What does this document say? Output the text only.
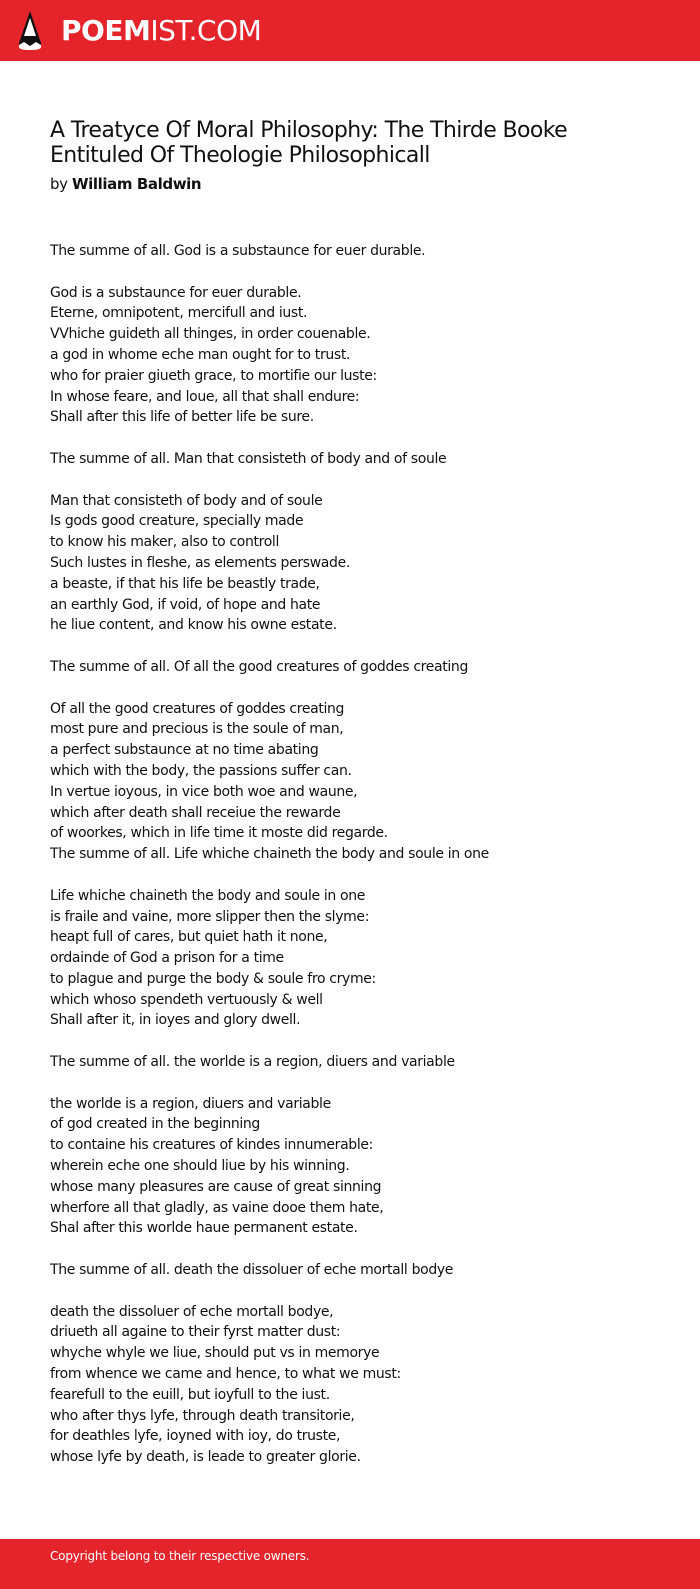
POEMIST.COM
A Treatyce Of Moral Philosophy: The Thirde Booke Entituled Of Theologie Philosophicall
by William Baldwin
The summe of all. God is a substaunce for euer durable.
God is a substaunce for euer durable.
Eterne, omnipotent, mercifull and iust.
VVhiche guideth all thinges, in order couenable.
a god in whome eche man ought for to trust.
who for praier giueth grace, to mortifie our luste:
In whose feare, and loue, all that shall endure:
Shall after this life of better life be sure.
The summe of all. Man that consisteth of body and of soule
Man that consisteth of body and of soule
Is gods good creature, specially made
to know his maker, also to controll
Such lustes in fleshe, as elements perswade.
a beaste, if that his life be beastly trade,
an earthly God, if void, of hope and hate
he liue content, and know his owne estate.
The summe of all. Of all the good creatures of goddes creating
Of all the good creatures of goddes creating
most pure and precious is the soule of man,
a perfect substaunce at no time abating
which with the body, the passions suffer can.
In vertue ioyous, in vice both woe and waune,
which after death shall receiue the rewarde
of woorkes, which in life time it moste did regarde.
The summe of all. Life whiche chaineth the body and soule in one
Life whiche chaineth the body and soule in one
is fraile and vaine, more slipper then the slyme:
heapt full of cares, but quiet hath it none,
ordainde of God a prison for a time
to plague and purge the body & soule fro cryme:
which whoso spendeth vertuously & well
Shall after it, in ioyes and glory dwell.
The summe of all. the worlde is a region, diuers and variable
the worlde is a region, diuers and variable
of god created in the beginning
to containe his creatures of kindes innumerable:
wherein eche one should liue by his winning.
whose many pleasures are cause of great sinning
wherfore all that gladly, as vaine dooe them hate,
Shal after this worlde haue permanent estate.
The summe of all. death the dissoluer of eche mortall bodye
death the dissoluer of eche mortall bodye,
driueth all againe to their fyrst matter dust:
whyche whyle we liue, should put vs in memorye
from whence we came and hence, to what we must:
fearefull to the euill, but ioyfull to the iust.
who after thys lyfe, through death transitorie,
for deathles lyfe, ioyned with ioy, do truste,
whose lyfe by death, is leade to greater glorie.
Copyright belong to their respective owners.
